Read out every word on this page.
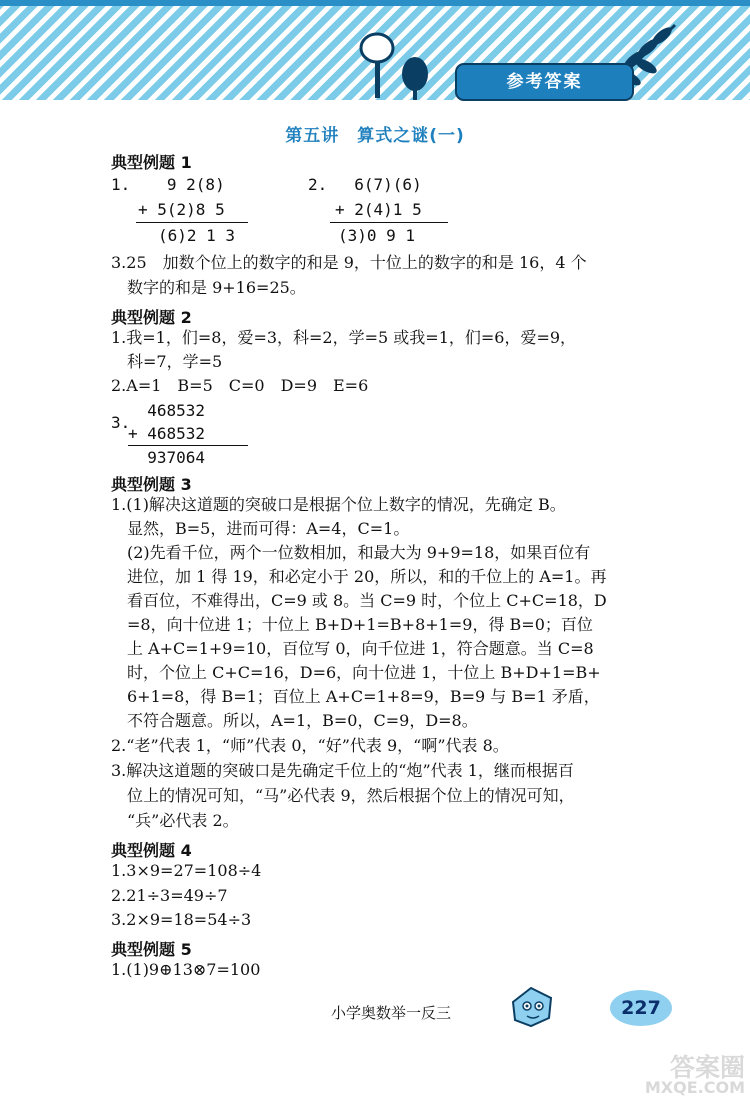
参考答案
第五讲　算式之谜(一)
典型例题 1
1. 9 2(8)
+ 5(2)8 5
(6)2 1 3
2. 6(7)(6)
+ 2(4)1 5
(3)0 9 1
3.25　加数个位上的数字的和是 9，十位上的数字的和是 16，4 个
数字的和是 9+16=25。
典型例题 2
1.我=1，们=8，爱=3，科=2，学=5 或我=1，们=6，爱=9，
科=7，学=5
2.A=1　B=5　C=0　D=9　E=6
3.
468532
+ 468532
937064
典型例题 3
1.(1)解决这道题的突破口是根据个位上数字的情况，先确定 B。
显然，B=5，进而可得：A=4，C=1。
(2)先看千位，两个一位数相加，和最大为 9+9=18，如果百位有
进位，加 1 得 19，和必定小于 20，所以，和的千位上的 A=1。再
看百位，不难得出，C=9 或 8。当 C=9 时，个位上 C+C=18，D
=8，向十位进 1；十位上 B+D+1=B+8+1=9，得 B=0；百位
上 A+C=1+9=10，百位写 0，向千位进 1，符合题意。当 C=8
时，个位上 C+C=16，D=6，向十位进 1，十位上 B+D+1=B+
6+1=8，得 B=1；百位上 A+C=1+8=9，B=9 与 B=1 矛盾，
不符合题意。所以，A=1，B=0，C=9，D=8。
2.“老”代表 1，“师”代表 0，“好”代表 9，“啊”代表 8。
3.解决这道题的突破口是先确定千位上的“炮”代表 1，继而根据百
位上的情况可知，“马”必代表 9，然后根据个位上的情况可知，
“兵”必代表 2。
典型例题 4
1.3×9=27=108÷4
2.21÷3=49÷7
3.2×9=18=54÷3
典型例题 5
1.(1)9⊕13⊗7=100
小学奥数举一反三	227
答案圈
MXQE.COM
